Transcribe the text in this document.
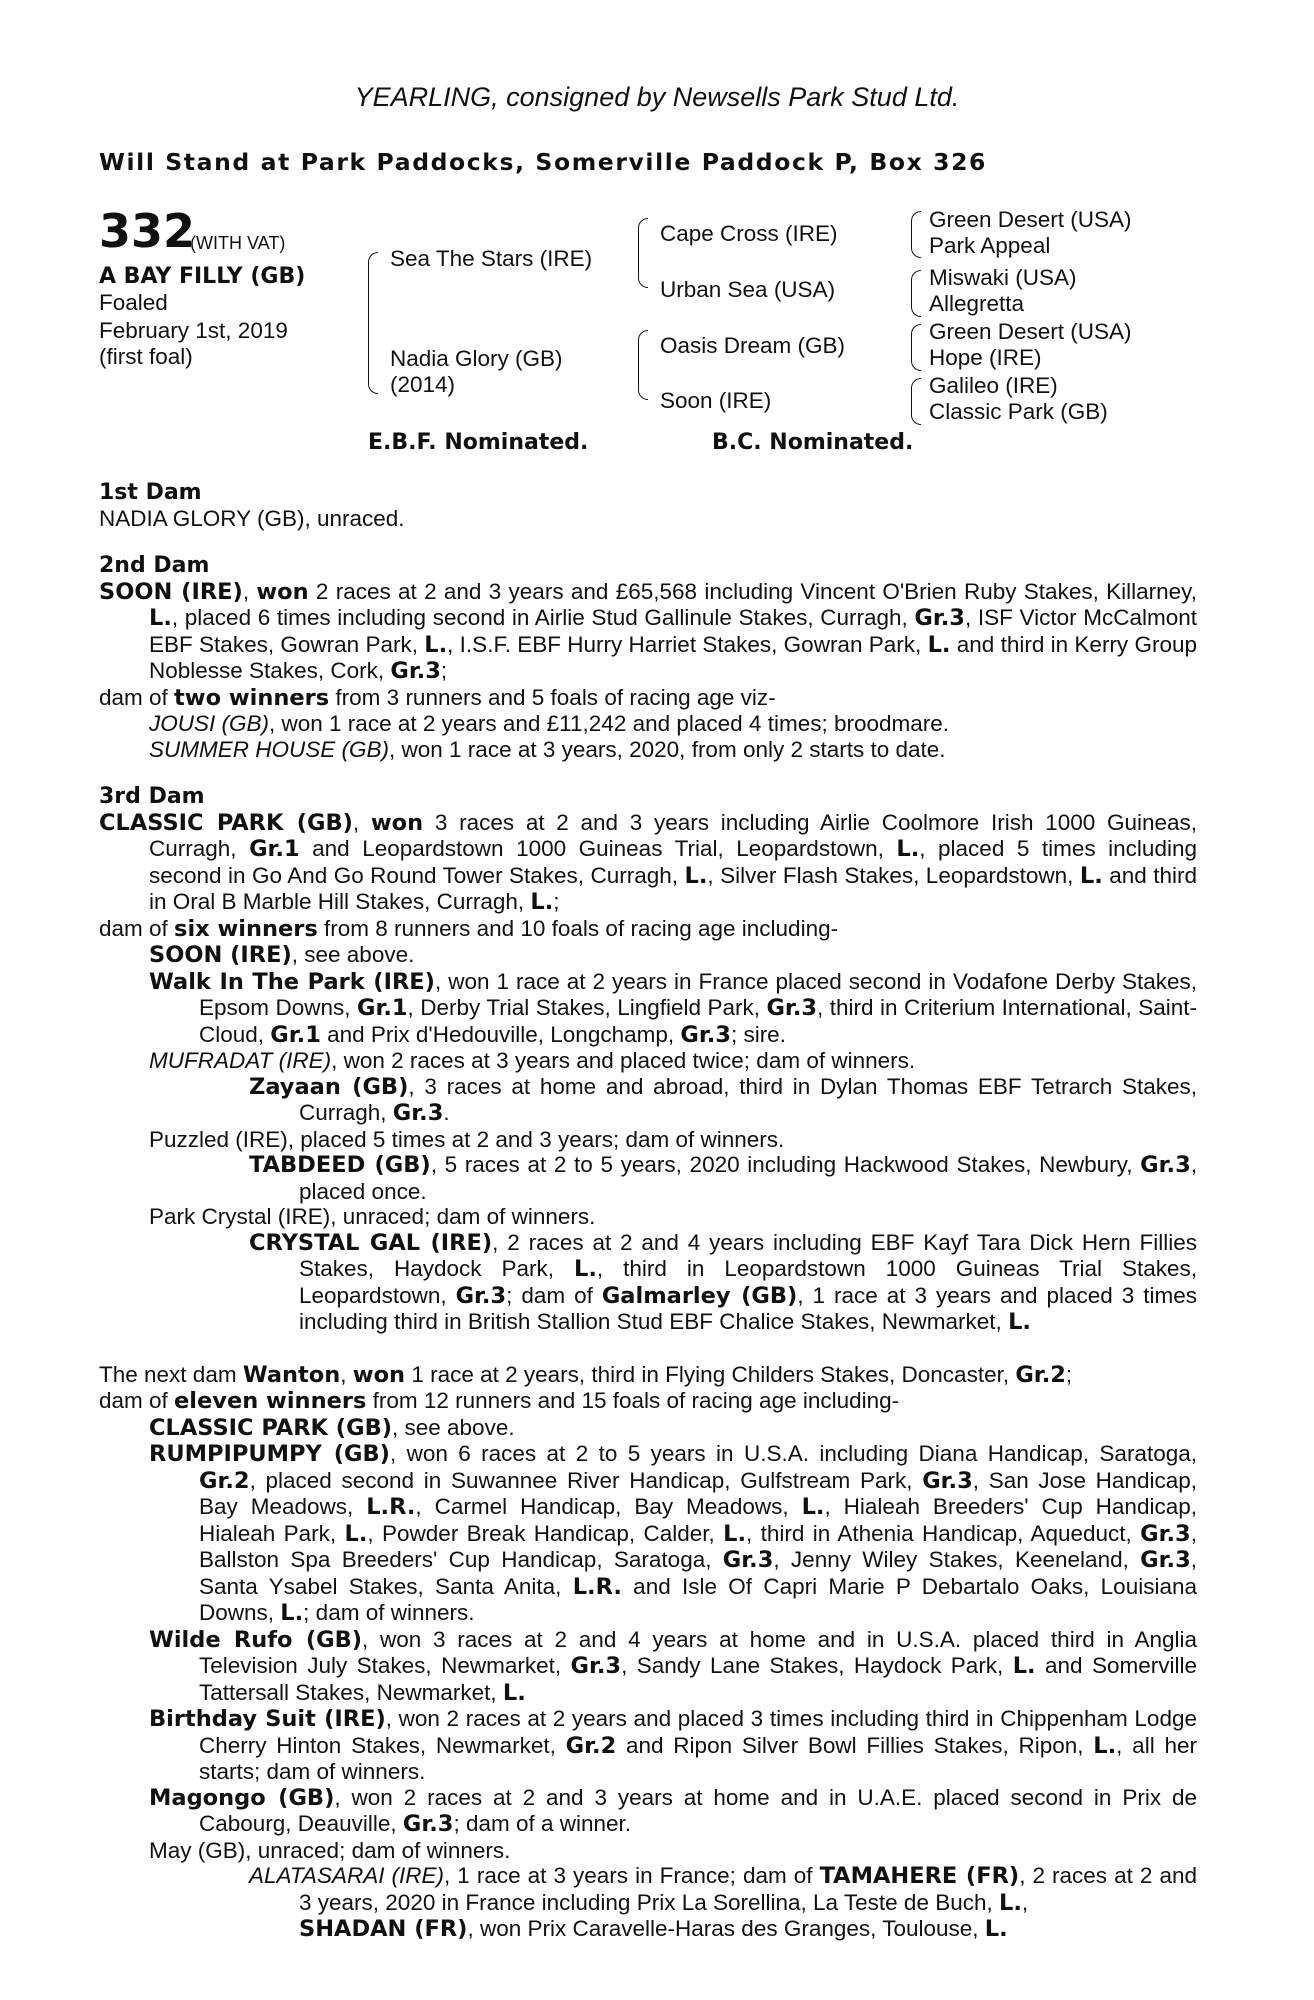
YEARLING, consigned by Newsells Park Stud Ltd.
Will Stand at Park Paddocks, Somerville Paddock P, Box 326
332
(WITH VAT)
A BAY FILLY (GB)
Foaled
February 1st, 2019
(first foal)
Sea The Stars (IRE)
Nadia Glory (GB)
(2014)
Cape Cross (IRE)
Urban Sea (USA)
Oasis Dream (GB)
Soon (IRE)
Green Desert (USA)
Park Appeal
Miswaki (USA)
Allegretta
Green Desert (USA)
Hope (IRE)
Galileo (IRE)
Classic Park (GB)
E.B.F. Nominated.	B.C. Nominated.
1st Dam
NADIA GLORY (GB), unraced.
2nd Dam
SOON (IRE), won 2 races at 2 and 3 years and £65,568 including Vincent O'Brien Ruby Stakes, Killarney, L., placed 6 times including second in Airlie Stud Gallinule Stakes, Curragh, Gr.3, ISF Victor McCalmont EBF Stakes, Gowran Park, L., I.S.F. EBF Hurry Harriet Stakes, Gowran Park, L. and third in Kerry Group Noblesse Stakes, Cork, Gr.3;
dam of two winners from 3 runners and 5 foals of racing age viz-
JOUSI (GB), won 1 race at 2 years and £11,242 and placed 4 times; broodmare.
SUMMER HOUSE (GB), won 1 race at 3 years, 2020, from only 2 starts to date.
3rd Dam
CLASSIC PARK (GB), won 3 races at 2 and 3 years including Airlie Coolmore Irish 1000 Guineas, Curragh, Gr.1 and Leopardstown 1000 Guineas Trial, Leopardstown, L., placed 5 times including second in Go And Go Round Tower Stakes, Curragh, L., Silver Flash Stakes, Leopardstown, L. and third in Oral B Marble Hill Stakes, Curragh, L.;
dam of six winners from 8 runners and 10 foals of racing age including-
SOON (IRE), see above.
Walk In The Park (IRE), won 1 race at 2 years in France placed second in Vodafone Derby Stakes, Epsom Downs, Gr.1, Derby Trial Stakes, Lingfield Park, Gr.3, third in Criterium International, Saint-Cloud, Gr.1 and Prix d'Hedouville, Longchamp, Gr.3; sire.
MUFRADAT (IRE), won 2 races at 3 years and placed twice; dam of winners.
Zayaan (GB), 3 races at home and abroad, third in Dylan Thomas EBF Tetrarch Stakes, Curragh, Gr.3.
Puzzled (IRE), placed 5 times at 2 and 3 years; dam of winners.
TABDEED (GB), 5 races at 2 to 5 years, 2020 including Hackwood Stakes, Newbury, Gr.3, placed once.
Park Crystal (IRE), unraced; dam of winners.
CRYSTAL GAL (IRE), 2 races at 2 and 4 years including EBF Kayf Tara Dick Hern Fillies Stakes, Haydock Park, L., third in Leopardstown 1000 Guineas Trial Stakes, Leopardstown, Gr.3; dam of Galmarley (GB), 1 race at 3 years and placed 3 times including third in British Stallion Stud EBF Chalice Stakes, Newmarket, L.
The next dam Wanton, won 1 race at 2 years, third in Flying Childers Stakes, Doncaster, Gr.2;
dam of eleven winners from 12 runners and 15 foals of racing age including-
CLASSIC PARK (GB), see above.
RUMPIPUMPY (GB), won 6 races at 2 to 5 years in U.S.A. including Diana Handicap, Saratoga, Gr.2, placed second in Suwannee River Handicap, Gulfstream Park, Gr.3, San Jose Handicap, Bay Meadows, L.R., Carmel Handicap, Bay Meadows, L., Hialeah Breeders' Cup Handicap, Hialeah Park, L., Powder Break Handicap, Calder, L., third in Athenia Handicap, Aqueduct, Gr.3, Ballston Spa Breeders' Cup Handicap, Saratoga, Gr.3, Jenny Wiley Stakes, Keeneland, Gr.3, Santa Ysabel Stakes, Santa Anita, L.R. and Isle Of Capri Marie P Debartalo Oaks, Louisiana Downs, L.; dam of winners.
Wilde Rufo (GB), won 3 races at 2 and 4 years at home and in U.S.A. placed third in Anglia Television July Stakes, Newmarket, Gr.3, Sandy Lane Stakes, Haydock Park, L. and Somerville Tattersall Stakes, Newmarket, L.
Birthday Suit (IRE), won 2 races at 2 years and placed 3 times including third in Chippenham Lodge Cherry Hinton Stakes, Newmarket, Gr.2 and Ripon Silver Bowl Fillies Stakes, Ripon, L., all her starts; dam of winners.
Magongo (GB), won 2 races at 2 and 3 years at home and in U.A.E. placed second in Prix de Cabourg, Deauville, Gr.3; dam of a winner.
May (GB), unraced; dam of winners.
ALATASARAI (IRE), 1 race at 3 years in France; dam of TAMAHERE (FR), 2 races at 2 and 3 years, 2020 in France including Prix La Sorellina, La Teste de Buch, L.,
SHADAN (FR), won Prix Caravelle-Haras des Granges, Toulouse, L.
